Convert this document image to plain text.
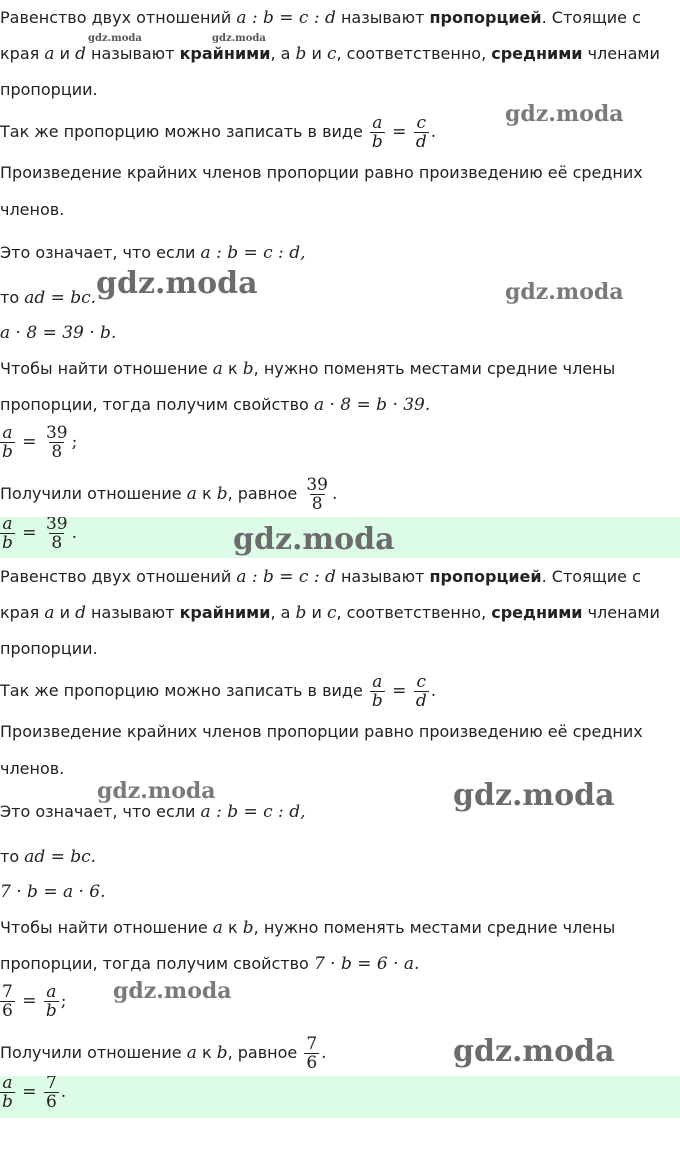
Равенство двух отношений a : b = c : d называют пропорцией. Стоящие с
края a и d называют крайними, а b и c, соответственно, средними членами
пропорции.
Так же пропорцию можно записать в виде $\frac{a}{b} = \frac{c}{d}$ .
Произведение крайних членов пропорции равно произведению её средних
членов.
Это означает, что если a : b = c : d,
то ad = bc.
a · 8 = 39 · b.
Чтобы найти отношение a к b, нужно поменять местами средние члены
пропорции, тогда получим свойство a · 8 = b · 39.
$\frac{a}{b} = \frac{39}{8}$ ;
Получили отношение a к b, равное $\frac{39}{8}$ .
$\frac{a}{b} = \frac{39}{8}$ .
Равенство двух отношений a : b = c : d называют пропорцией. Стоящие с
края a и d называют крайними, а b и c, соответственно, средними членами
пропорции.
Так же пропорцию можно записать в виде $\frac{a}{b} = \frac{c}{d}$ .
Произведение крайних членов пропорции равно произведению её средних
членов.
Это означает, что если a : b = c : d,
то ad = bc.
7 · b = a · 6.
Чтобы найти отношение a к b, нужно поменять местами средние члены
пропорции, тогда получим свойство 7 · b = 6 · a.
$\frac{7}{6} = \frac{a}{b}$ ;
Получили отношение a к b, равное $\frac{7}{6}$ .
$\frac{a}{b} = \frac{7}{6}$ .
gdz.moda	gdz.moda
gdz.moda
gdz.moda	gdz.moda
gdz.moda
gdz.moda	gdz.moda
gdz.moda
gdz.moda
